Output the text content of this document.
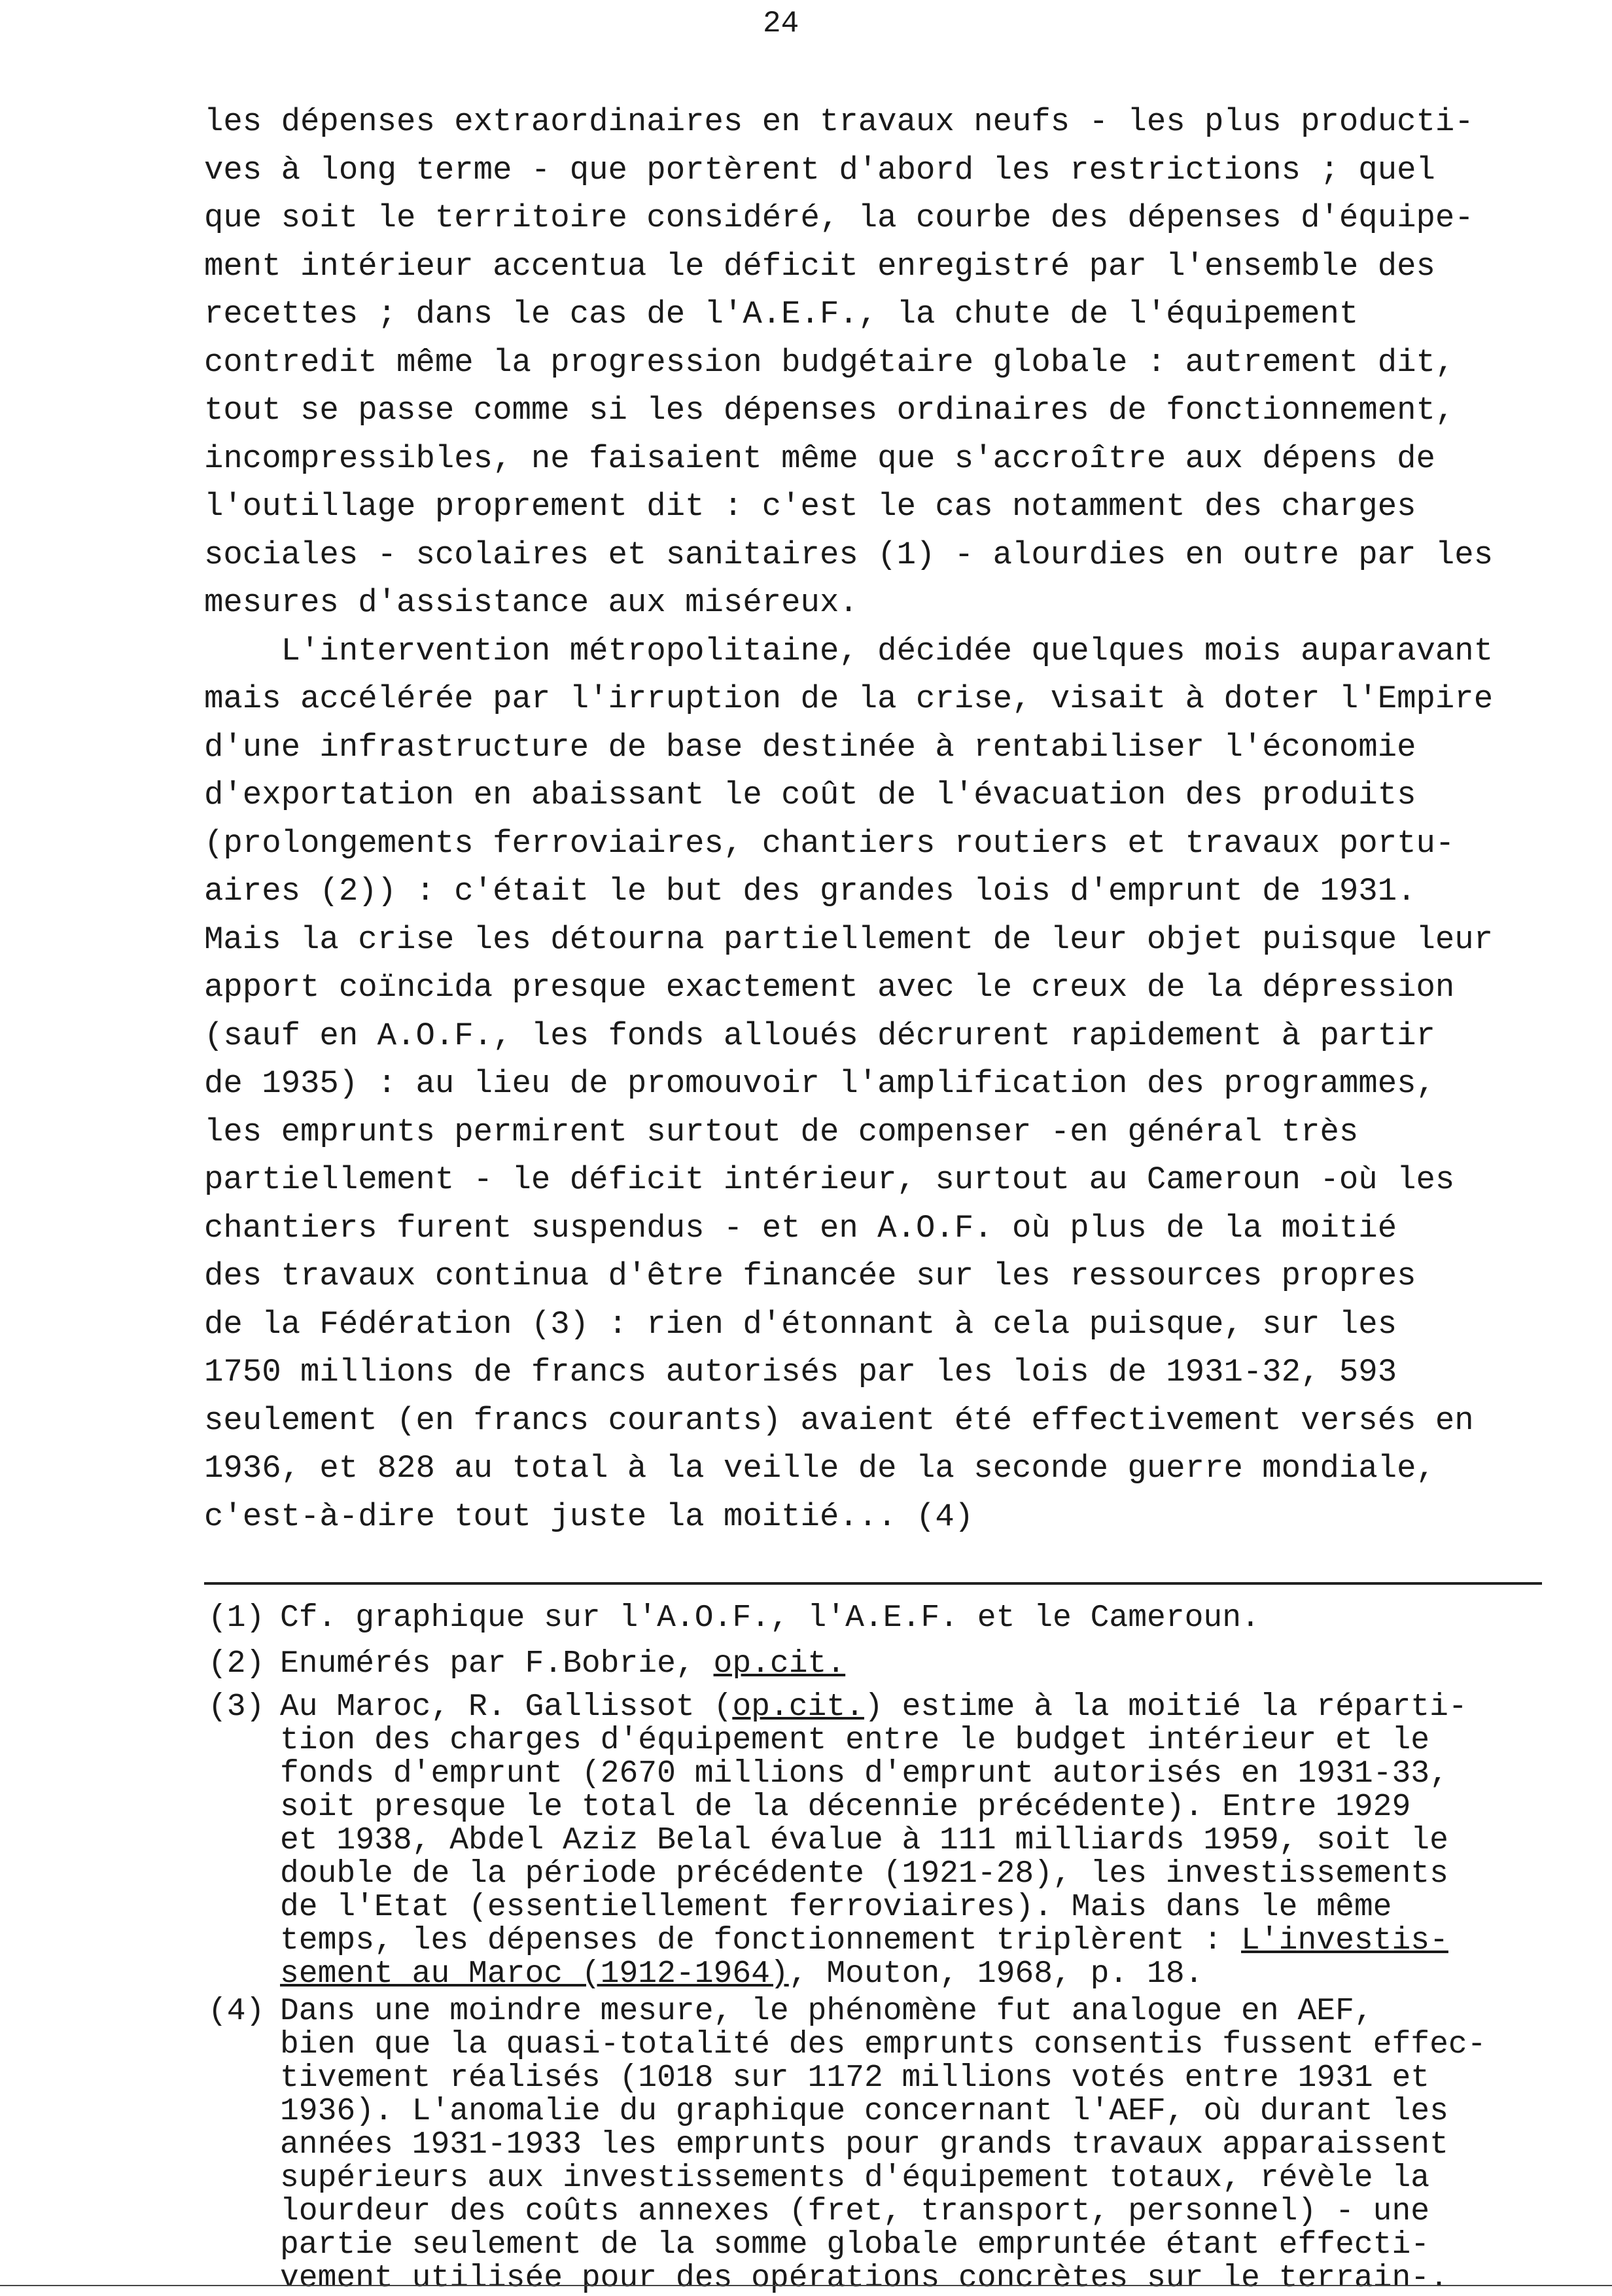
24
les dépenses extraordinaires en travaux neufs - les plus producti-
ves à long terme - que portèrent d'abord les restrictions ; quel
que soit le territoire considéré, la courbe des dépenses d'équipe-
ment intérieur accentua le déficit enregistré par l'ensemble des
recettes ; dans le cas de l'A.E.F., la chute de l'équipement
contredit même la progression budgétaire globale : autrement dit,
tout se passe comme si les dépenses ordinaires de fonctionnement,
incompressibles, ne faisaient même que s'accroître aux dépens de
l'outillage proprement dit : c'est le cas notamment des charges
sociales - scolaires et sanitaires (1) - alourdies en outre par les
mesures d'assistance aux miséreux.
L'intervention métropolitaine, décidée quelques mois auparavant
mais accélérée par l'irruption de la crise, visait à doter l'Empire
d'une infrastructure de base destinée à rentabiliser l'économie
d'exportation en abaissant le coût de l'évacuation des produits
(prolongements ferroviaires, chantiers routiers et travaux portu-
aires (2)) : c'était le but des grandes lois d'emprunt de 1931.
Mais la crise les détourna partiellement de leur objet puisque leur
apport coïncida presque exactement avec le creux de la dépression
(sauf en A.O.F., les fonds alloués décrurent rapidement à partir
de 1935) : au lieu de promouvoir l'amplification des programmes,
les emprunts permirent surtout de compenser -en général très
partiellement - le déficit intérieur, surtout au Cameroun -où les
chantiers furent suspendus - et en A.O.F. où plus de la moitié
des travaux continua d'être financée sur les ressources propres
de la Fédération (3) : rien d'étonnant à cela puisque, sur les
1750 millions de francs autorisés par les lois de 1931-32, 593
seulement (en francs courants) avaient été effectivement versés en
1936, et 828 au total à la veille de la seconde guerre mondiale,
c'est-à-dire tout juste la moitié... (4)
(1) Cf. graphique sur l'A.O.F., l'A.E.F. et le Cameroun.
(2) Enumérés par F.Bobrie, op.cit.
(3) Au Maroc, R. Gallissot (op.cit.) estime à la moitié la réparti-
tion des charges d'équipement entre le budget intérieur et le
fonds d'emprunt (2670 millions d'emprunt autorisés en 1931-33,
soit presque le total de la décennie précédente). Entre 1929
et 1938, Abdel Aziz Belal évalue à 111 milliards 1959, soit le
double de la période précédente (1921-28), les investissements
de l'Etat (essentiellement ferroviaires). Mais dans le même
temps, les dépenses de fonctionnement triplèrent : L'investis-
sement au Maroc (1912-1964), Mouton, 1968, p. 18.
(4) Dans une moindre mesure, le phénomène fut analogue en AEF,
bien que la quasi-totalité des emprunts consentis fussent effec-
tivement réalisés (1018 sur 1172 millions votés entre 1931 et
1936). L'anomalie du graphique concernant l'AEF, où durant les
années 1931-1933 les emprunts pour grands travaux apparaissent
supérieurs aux investissements d'équipement totaux, révèle la
lourdeur des coûts annexes (fret, transport, personnel) - une
partie seulement de la somme globale empruntée étant effecti-
vement utilisée pour des opérations concrètes sur le terrain-.
